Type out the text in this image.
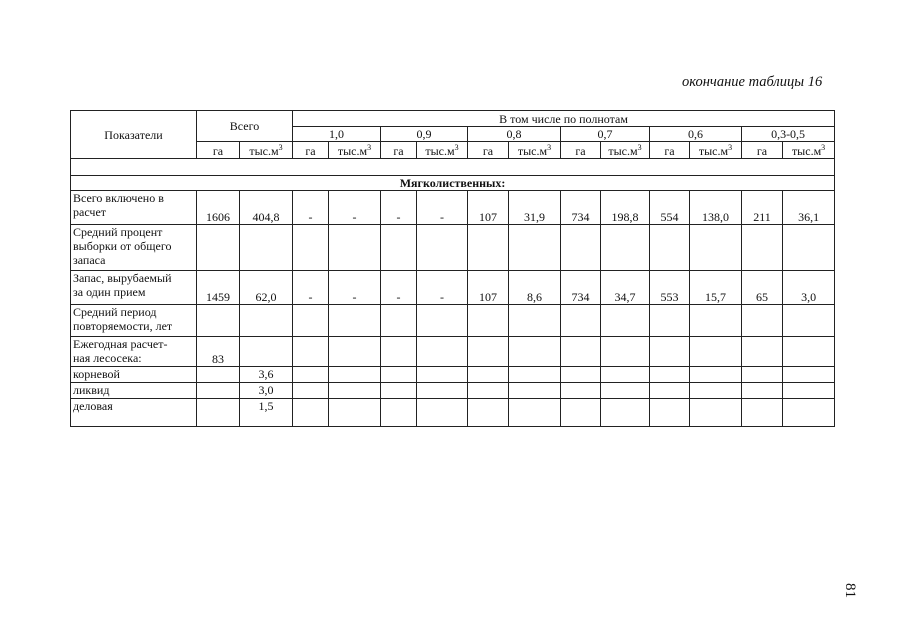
окончание таблицы 16
Показатели	Всего		В том числе по полнотам											
			1,0		0,9		0,8		0,7		0,6		0,3-0,5	
	га	$тыс.м^3$	га	$тыс.м^3$	га	$тыс.м^3$	га	$тыс.м^3$	га	$тыс.м^3$	га	$тыс.м^3$	га	$тыс.м^3$

Мягколиственных:														

Всего включено в
расчет	1606	404,8	-	-	-	-	107	31,9	734	198,8	554	138,0	211	36,1

Средний процент
выборки от общего
запаса														

Запас, вырубаемый
за один прием	1459	62,0	-	-	-	-	107	8,6	734	34,7	553	15,7	65	3,0

Средний период
повторяемости, лет														

Ежегодная расчет-
ная лесосека:	83													

корневой		3,6												

ликвид		3,0												

деловая		1,5												
81
